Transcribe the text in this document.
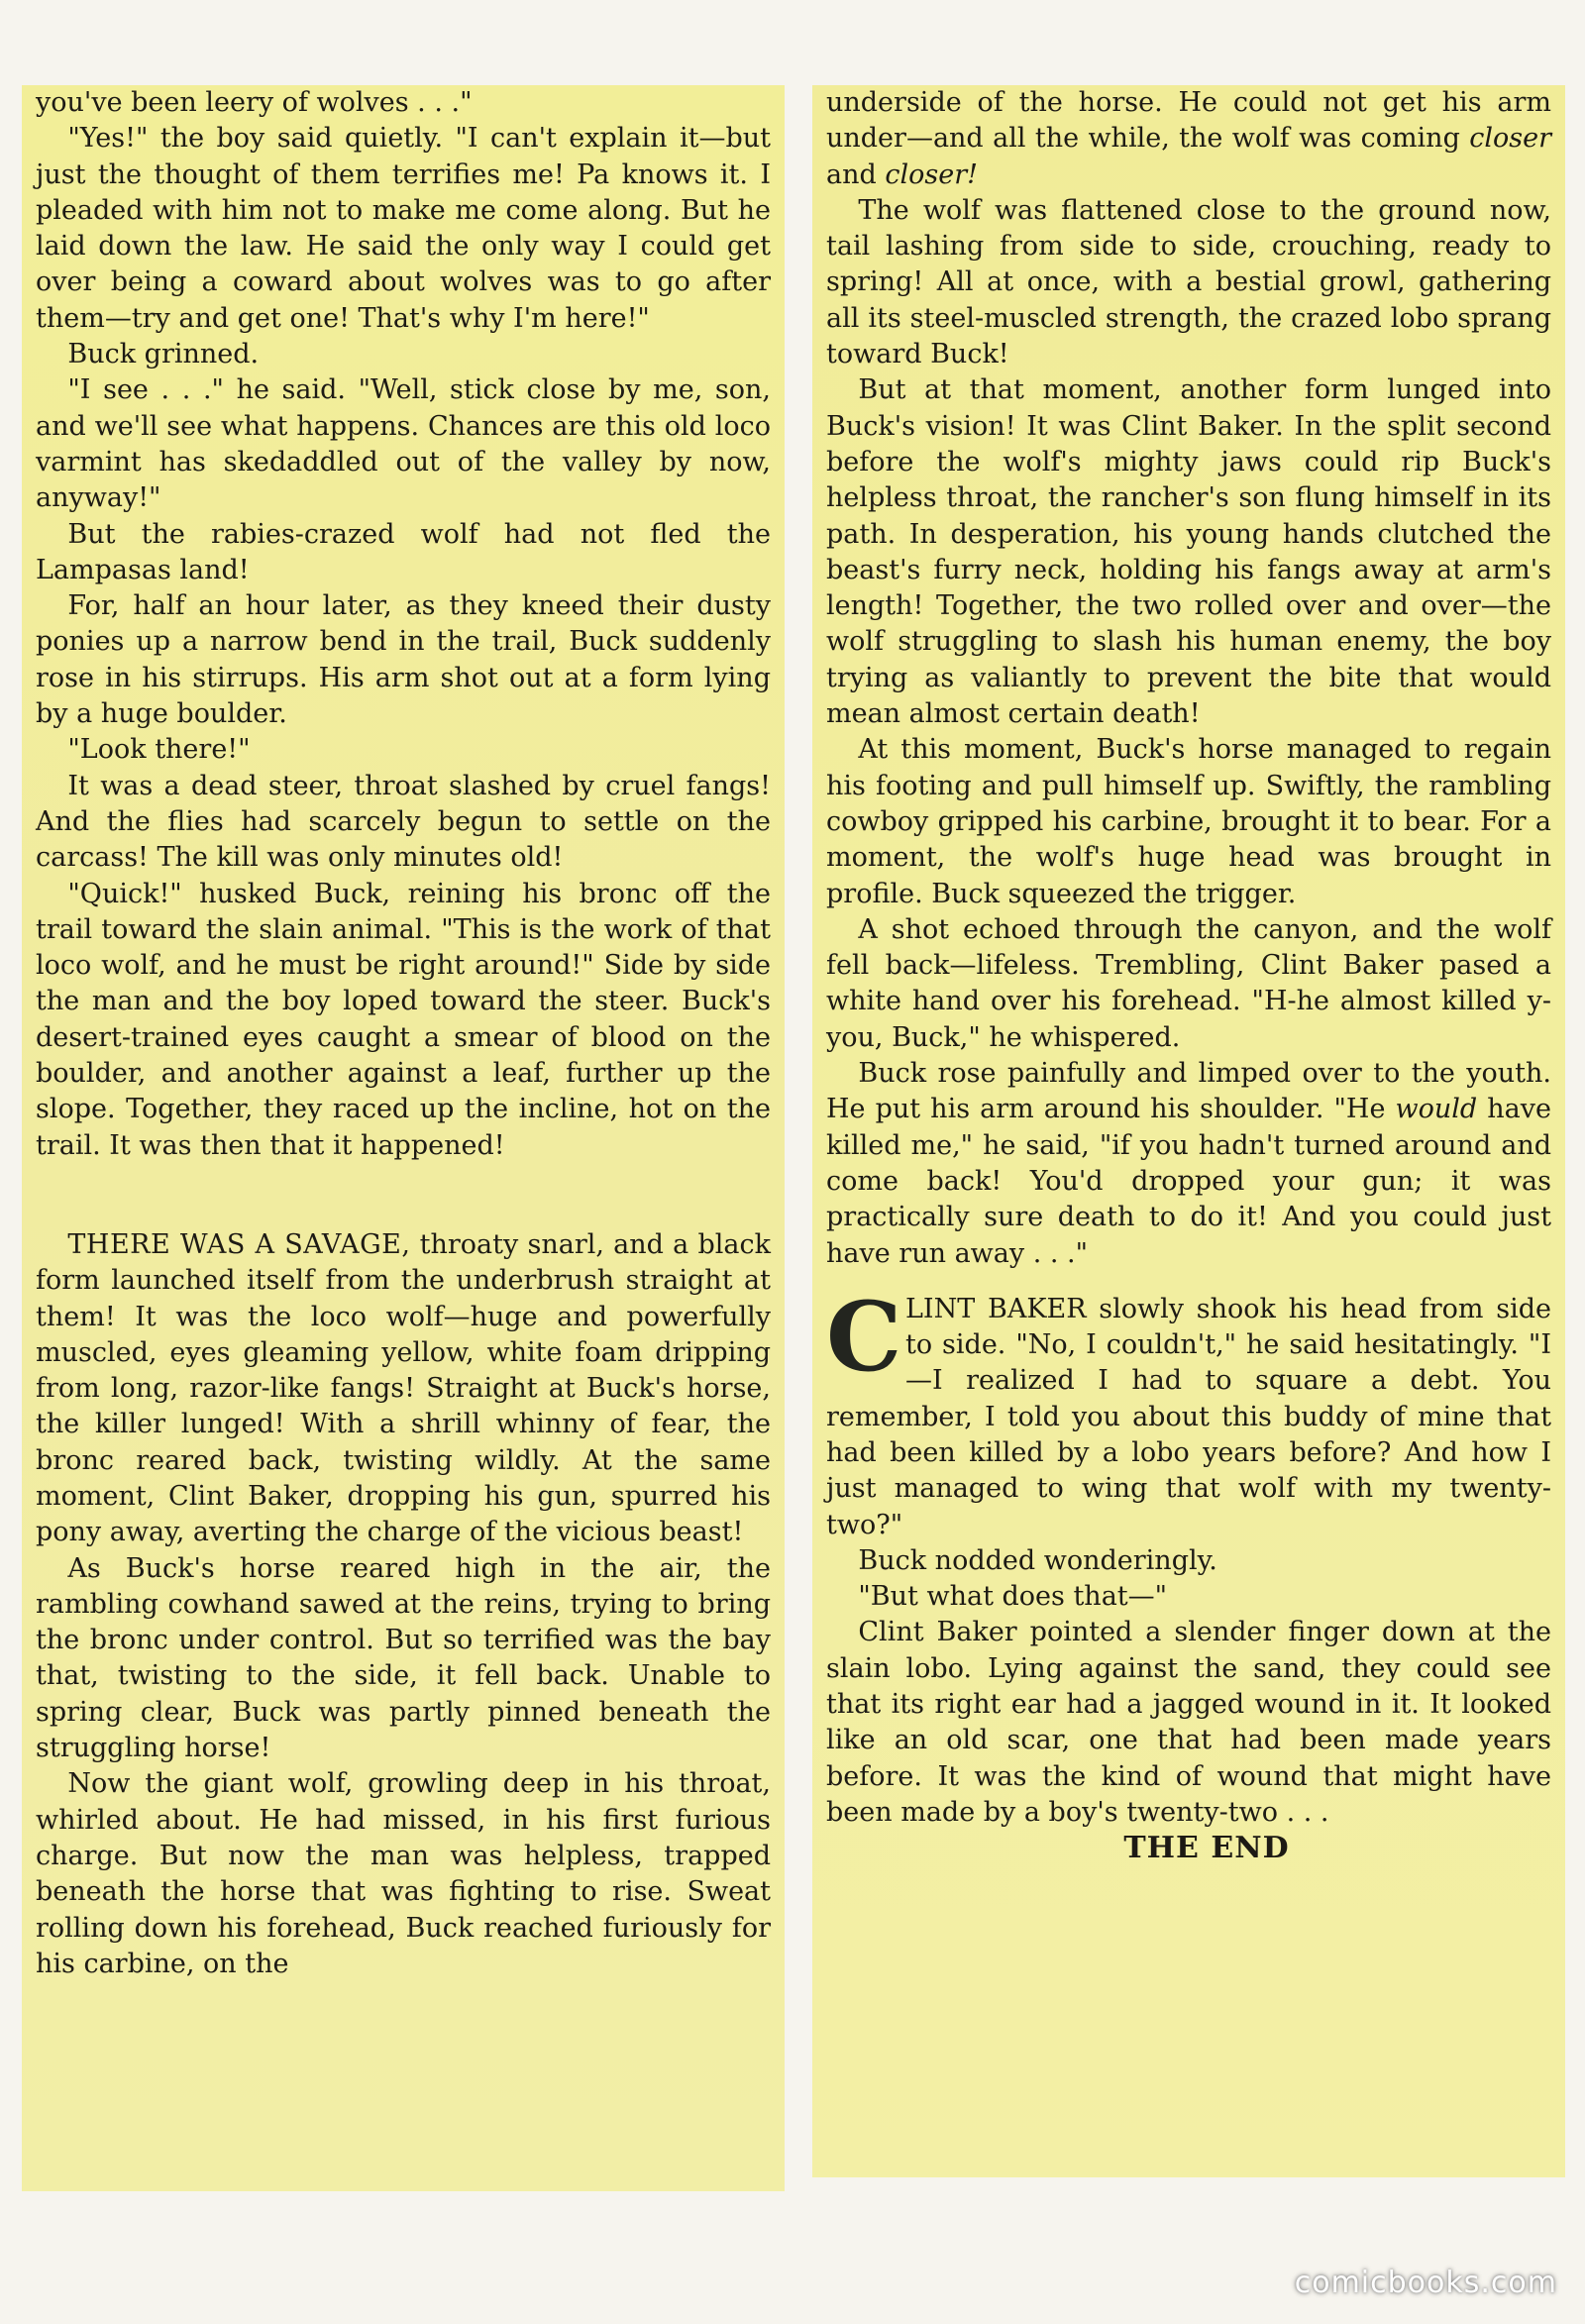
you've been leery of wolves . . ."

"Yes!" the boy said quietly. "I can't explain it—but just the thought of them terrifies me! Pa knows it. I pleaded with him not to make me come along. But he laid down the law. He said the only way I could get over being a coward about wolves was to go after them—try and get one! That's why I'm here!"

Buck grinned.

"I see . . ." he said. "Well, stick close by me, son, and we'll see what happens. Chances are this old loco varmint has skedaddled out of the valley by now, anyway!"

But the rabies-crazed wolf had not fled the Lampasas land!

For, half an hour later, as they kneed their dusty ponies up a narrow bend in the trail, Buck suddenly rose in his stirrups. His arm shot out at a form lying by a huge boulder.

"Look there!"

It was a dead steer, throat slashed by cruel fangs! And the flies had scarcely begun to settle on the carcass! The kill was only minutes old!

"Quick!" husked Buck, reining his bronc off the trail toward the slain animal. "This is the work of that loco wolf, and he must be right around!" Side by side the man and the boy loped toward the steer. Buck's desert-trained eyes caught a smear of blood on the boulder, and another against a leaf, further up the slope. Together, they raced up the incline, hot on the trail. It was then that it happened!

THERE WAS A SAVAGE, throaty snarl, and a black form launched itself from the underbrush straight at them! It was the loco wolf—huge and powerfully muscled, eyes gleaming yellow, white foam dripping from long, razor-like fangs! Straight at Buck's horse, the killer lunged! With a shrill whinny of fear, the bronc reared back, twisting wildly. At the same moment, Clint Baker, dropping his gun, spurred his pony away, averting the charge of the vicious beast!

As Buck's horse reared high in the air, the rambling cowhand sawed at the reins, trying to bring the bronc under control. But so terrified was the bay that, twisting to the side, it fell back. Unable to spring clear, Buck was partly pinned beneath the struggling horse!

Now the giant wolf, growling deep in his throat, whirled about. He had missed, in his first furious charge. But now the man was helpless, trapped beneath the horse that was fighting to rise. Sweat rolling down his forehead, Buck reached furiously for his carbine, on the

underside of the horse. He could not get his arm under—and all the while, the wolf was coming closer and closer!

The wolf was flattened close to the ground now, tail lashing from side to side, crouching, ready to spring! All at once, with a bestial growl, gathering all its steel-muscled strength, the crazed lobo sprang toward Buck!

But at that moment, another form lunged into Buck's vision! It was Clint Baker. In the split second before the wolf's mighty jaws could rip Buck's helpless throat, the rancher's son flung himself in its path. In desperation, his young hands clutched the beast's furry neck, holding his fangs away at arm's length! Together, the two rolled over and over—the wolf struggling to slash his human enemy, the boy trying as valiantly to prevent the bite that would mean almost certain death!

At this moment, Buck's horse managed to regain his footing and pull himself up. Swiftly, the rambling cowboy gripped his carbine, brought it to bear. For a moment, the wolf's huge head was brought in profile. Buck squeezed the trigger.

A shot echoed through the canyon, and the wolf fell back—lifeless. Trembling, Clint Baker pased a white hand over his forehead. "H-he almost killed y-you, Buck," he whispered.

Buck rose painfully and limped over to the youth. He put his arm around his shoulder. "He would have killed me," he said, "if you hadn't turned around and come back! You'd dropped your gun; it was practically sure death to do it! And you could just have run away . . ."

CLINT BAKER slowly shook his head from side to side. "No, I couldn't," he said hesitatingly. "I—I realized I had to square a debt. You remember, I told you about this buddy of mine that had been killed by a lobo years before? And how I just managed to wing that wolf with my twenty-two?"

Buck nodded wonderingly.

"But what does that—"

Clint Baker pointed a slender finger down at the slain lobo. Lying against the sand, they could see that its right ear had a jagged wound in it. It looked like an old scar, one that had been made years before. It was the kind of wound that might have been made by a boy's twenty-two . . .

THE END

comicbooks.com
